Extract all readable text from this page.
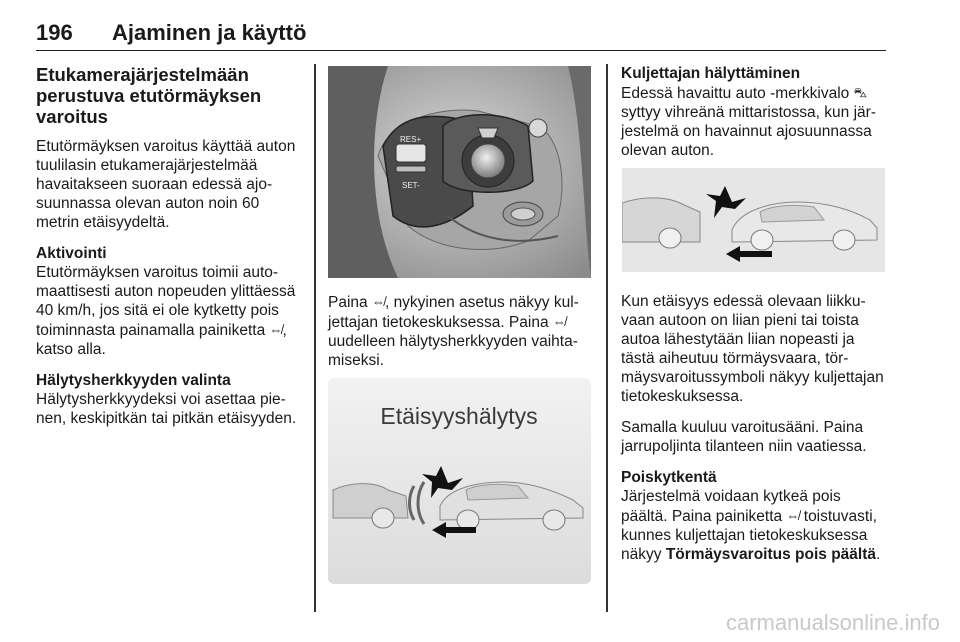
196 Ajaminen ja käyttö
Etukamerajärjestelmään perustuva etutörmäyksen varoitus

Etutörmäyksen varoitus käyttää auton tuulilasin etukamerajärjestelmää havaitakseen suoraan edessä ajosuunnassa olevan auton noin 60 metrin etäisyydeltä.

Aktivointi

Etutörmäyksen varoitus toimii automaattisesti auton nopeuden ylittäessä 40 km/h, jos sitä ei ole kytketty pois toiminnasta painamalla painiketta ⇎, katso alla.

Hälytysherkkyyden valinta

Hälytysherkkyydeksi voi asettaa pienen, keskipitkän tai pitkän etäisyyden.

RES+
SET-

Paina ⇎, nykyinen asetus näkyy kuljettajan tietokeskuksessa. Paina ⇎ uudelleen hälytysherkkyyden vaihtamiseksi.

Etäisyyshälytys
Kuljettajan hälyttäminen

Edessä havaittu auto -merkkivalo ⛍ syttyy vihreänä mittaristossa, kun järjestelmä on havainnut ajosuunnassa olevan auton.

Kun etäisyys edessä olevaan liikkuvaan autoon on liian pieni tai toista autoa lähestytään liian nopeasti ja tästä aiheutuu törmäysvaara, törmäysvaroitussymboli näkyy kuljettajan tietokeskuksessa.

Samalla kuuluu varoitusääni. Paina jarrupoljinta tilanteen niin vaatiessa.

Poiskytkentä

Järjestelmä voidaan kytkeä pois päältä. Paina painiketta ⇎ toistuvasti, kunnes kuljettajan tietokeskuksessa näkyy Törmäysvaroitus pois päältä.

carmanualsonline.info
